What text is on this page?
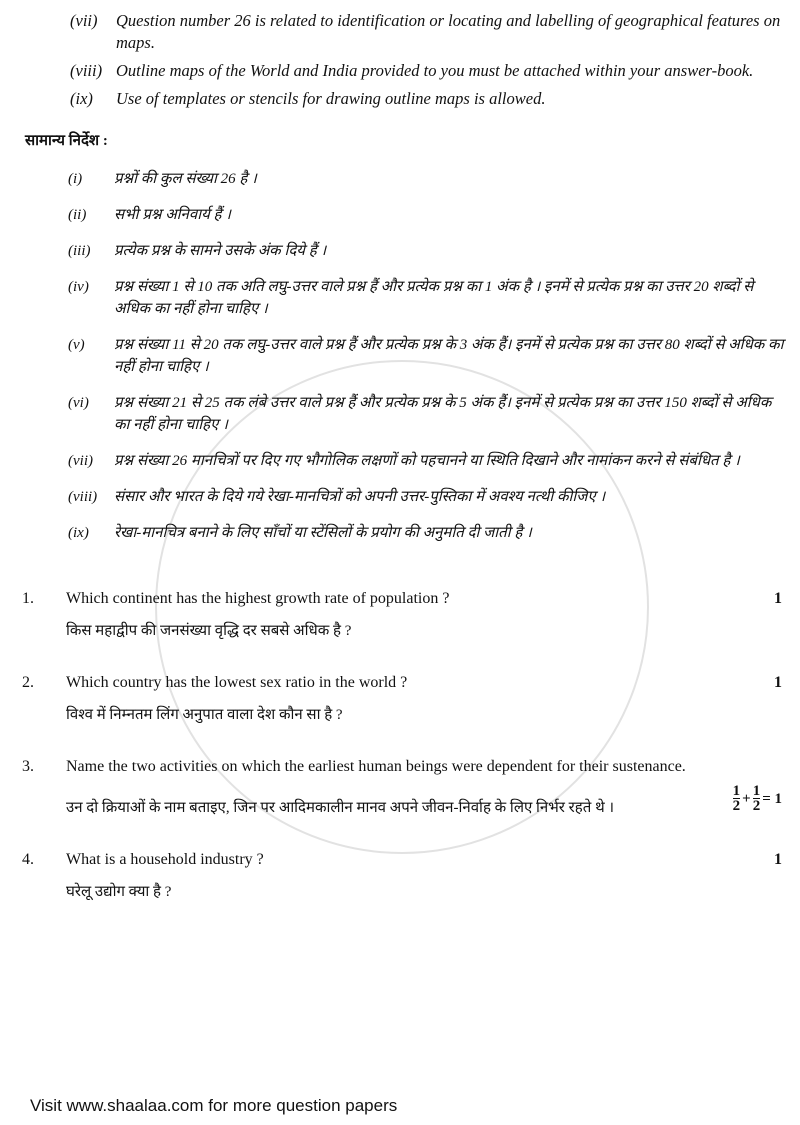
(vii)	Question number 26 is related to identification or locating and labelling of geographical features on maps.
(viii) Outline maps of the World and India provided to you must be attached within your answer-book.
(ix)	Use of templates or stencils for drawing outline maps is allowed.
सामान्य निर्देश :
(i)	प्रश्नों की कुल संख्या 26 है ।
(ii)	सभी प्रश्न अनिवार्य हैं ।
(iii)	प्रत्येक प्रश्न के सामने उसके अंक दिये हैं ।
(iv)	प्रश्न संख्या 1 से 10 तक अति लघु-उत्तर वाले प्रश्न हैं और प्रत्येक प्रश्न का 1 अंक है । इनमें से प्रत्येक प्रश्न का उत्तर 20 शब्दों से अधिक का नहीं होना चाहिए ।
(v)	प्रश्न संख्या 11 से 20 तक लघु-उत्तर वाले प्रश्न हैं और प्रत्येक प्रश्न के 3 अंक हैं। इनमें से प्रत्येक प्रश्न का उत्तर 80 शब्दों से अधिक का नहीं होना चाहिए ।
(vi)	प्रश्न संख्या 21 से 25 तक लंबे उत्तर वाले प्रश्न हैं और प्रत्येक प्रश्न के 5 अंक हैं। इनमें से प्रत्येक प्रश्न का उत्तर 150 शब्दों से अधिक का नहीं होना चाहिए ।
(vii)	प्रश्न संख्या 26 मानचित्रों पर दिए गए भौगोलिक लक्षणों को पहचानने या स्थिति दिखाने और नामांकन करने से संबंधित है ।
(viii)	संसार और भारत के दिये गये रेखा-मानचित्रों को अपनी उत्तर-पुस्तिका में अवश्य नत्थी कीजिए ।
(ix)	रेखा-मानचित्र बनाने के लिए साँचों या स्टेंसिलों के प्रयोग की अनुमति दी जाती है ।
1.	Which continent has the highest growth rate of population ?
किस महाद्वीप की जनसंख्या वृद्धि दर सबसे अधिक है ?
1
2.	Which country has the lowest sex ratio in the world ?
विश्व में निम्नतम लिंग अनुपात वाला देश कौन सा है ?
1
3.	Name the two activities on which the earliest human beings were dependent for their sustenance.
उन दो क्रियाओं के नाम बताइए, जिन पर आदिमकालीन मानव अपने जीवन-निर्वाह के लिए निर्भर रहते थे ।
1
$2 + \frac{1}{2} = 1$
4.	What is a household industry ?
घरेलू उद्योग क्या है ?
1
Visit www.shaalaa.com for more question papers
